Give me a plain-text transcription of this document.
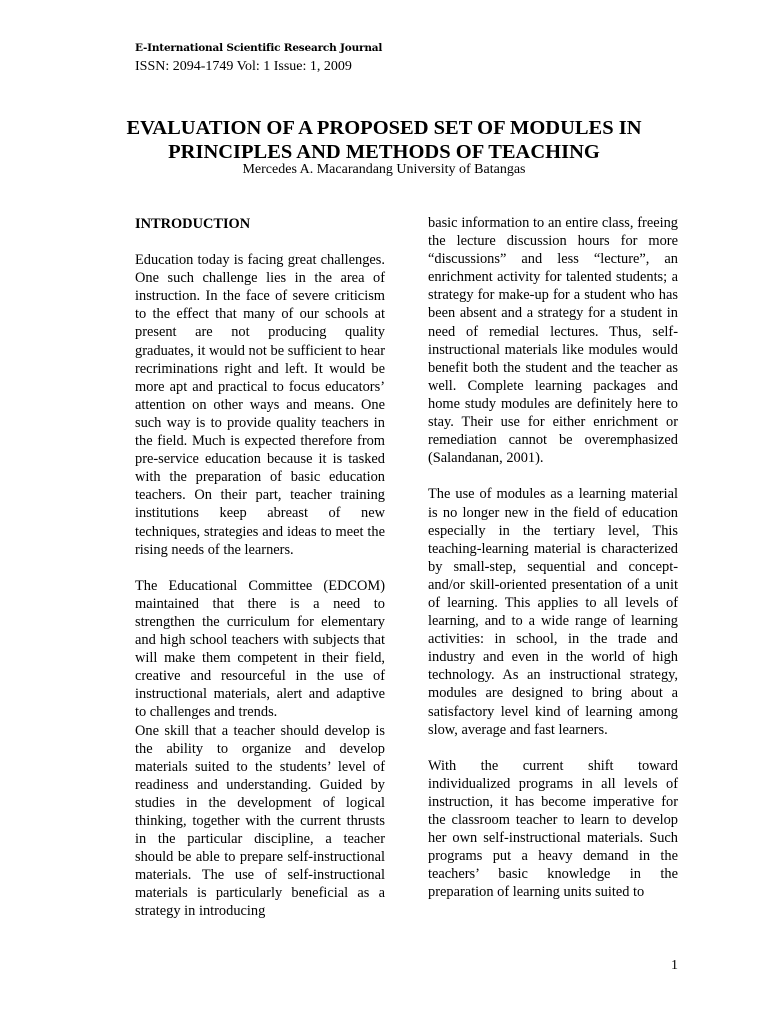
E-International Scientific Research Journal
ISSN: 2094-1749 Vol: 1 Issue: 1, 2009
EVALUATION OF A PROPOSED SET OF MODULES IN PRINCIPLES AND METHODS OF TEACHING
Mercedes A. Macarandang University of Batangas
INTRODUCTION

Education today is facing great challenges. One such challenge lies in the area of instruction. In the face of severe criticism to the effect that many of our schools at present are not producing quality graduates, it would not be sufficient to hear recriminations right and left. It would be more apt and practical to focus educators’ attention on other ways and means. One such way is to provide quality teachers in the field. Much is expected therefore from pre-service education because it is tasked with the preparation of basic education teachers. On their part, teacher training institutions keep abreast of new techniques, strategies and ideas to meet the rising needs of the learners.

The Educational Committee (EDCOM) maintained that there is a need to strengthen the curriculum for elementary and high school teachers with subjects that will make them competent in their field, creative and resourceful in the use of instructional materials, alert and adaptive to challenges and trends.

One skill that a teacher should develop is the ability to organize and develop materials suited to the students’ level of readiness and understanding. Guided by studies in the development of logical thinking, together with the current thrusts in the particular discipline, a teacher should be able to prepare self-instructional materials. The use of self-instructional materials is particularly beneficial as a strategy in introducing

basic information to an entire class, freeing the lecture discussion hours for more “discussions” and less “lecture”, an enrichment activity for talented students; a strategy for make-up for a student who has been absent and a strategy for a student in need of remedial lectures. Thus, self-instructional materials like modules would benefit both the student and the teacher as well. Complete learning packages and home study modules are definitely here to stay. Their use for either enrichment or remediation cannot be overemphasized (Salandanan, 2001).

The use of modules as a learning material is no longer new in the field of education especially in the tertiary level, This teaching-learning material is characterized by small-step, sequential and concept-and/or skill-oriented presentation of a unit of learning. This applies to all levels of learning, and to a wide range of learning activities: in school, in the trade and industry and even in the world of high technology. As an instructional strategy, modules are designed to bring about a satisfactory level kind of learning among slow, average and fast learners.

With the current shift toward individualized programs in all levels of instruction, it has become imperative for the classroom teacher to learn to develop her own self-instructional materials. Such programs put a heavy demand in the teachers’ basic knowledge in the preparation of learning units suited to

1
